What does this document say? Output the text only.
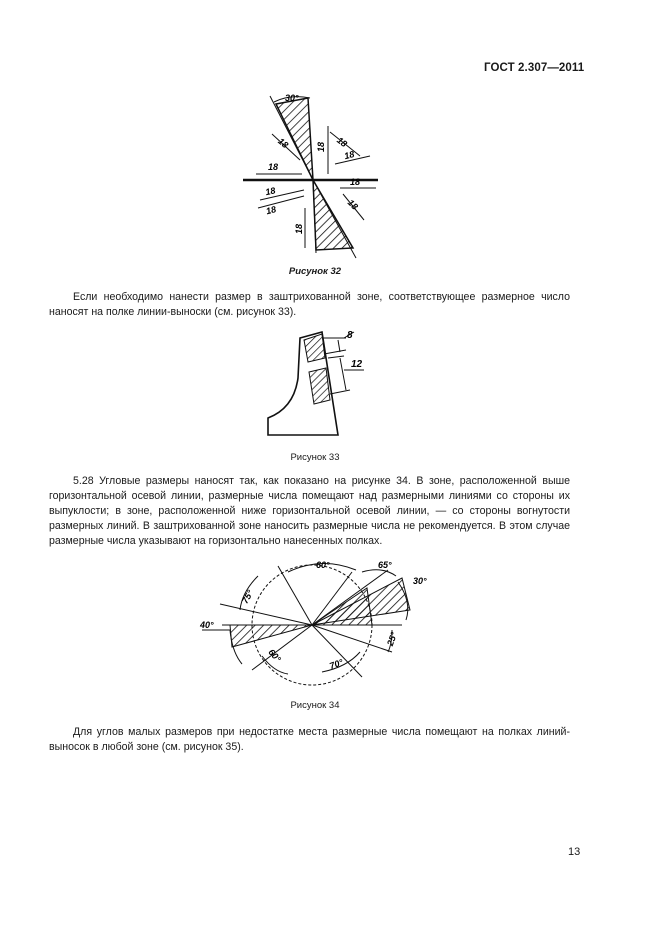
ГОСТ 2.307—2011
30°
18 18
18
18
18
18
18
18
18
18
Рисунок 32
Если необходимо нанести размер в заштрихованной зоне, соответствующее размерное число наносят на полке линии-выноски (см. рисунок 33).
8
12
Рисунок 33
5.28 Угловые размеры наносят так, как показано на рисунке 34. В зоне, расположенной выше горизонтальной осевой линии, размерные числа помещают над размерными линиями со стороны их выпуклости; в зоне, расположенной ниже горизонтальной осевой линии, — со стороны вогнутости размерных линий. В заштрихованной зоне наносить размерные числа не рекомендуется. В этом случае размерные числа указывают на горизонтально нанесенных полках.
60°	65°
30°
75°
40°
25°
60°
70°
Рисунок 34
Для углов малых размеров при недостатке места размерные числа помещают на полках линий-выносок в любой зоне (см. рисунок 35).
13
